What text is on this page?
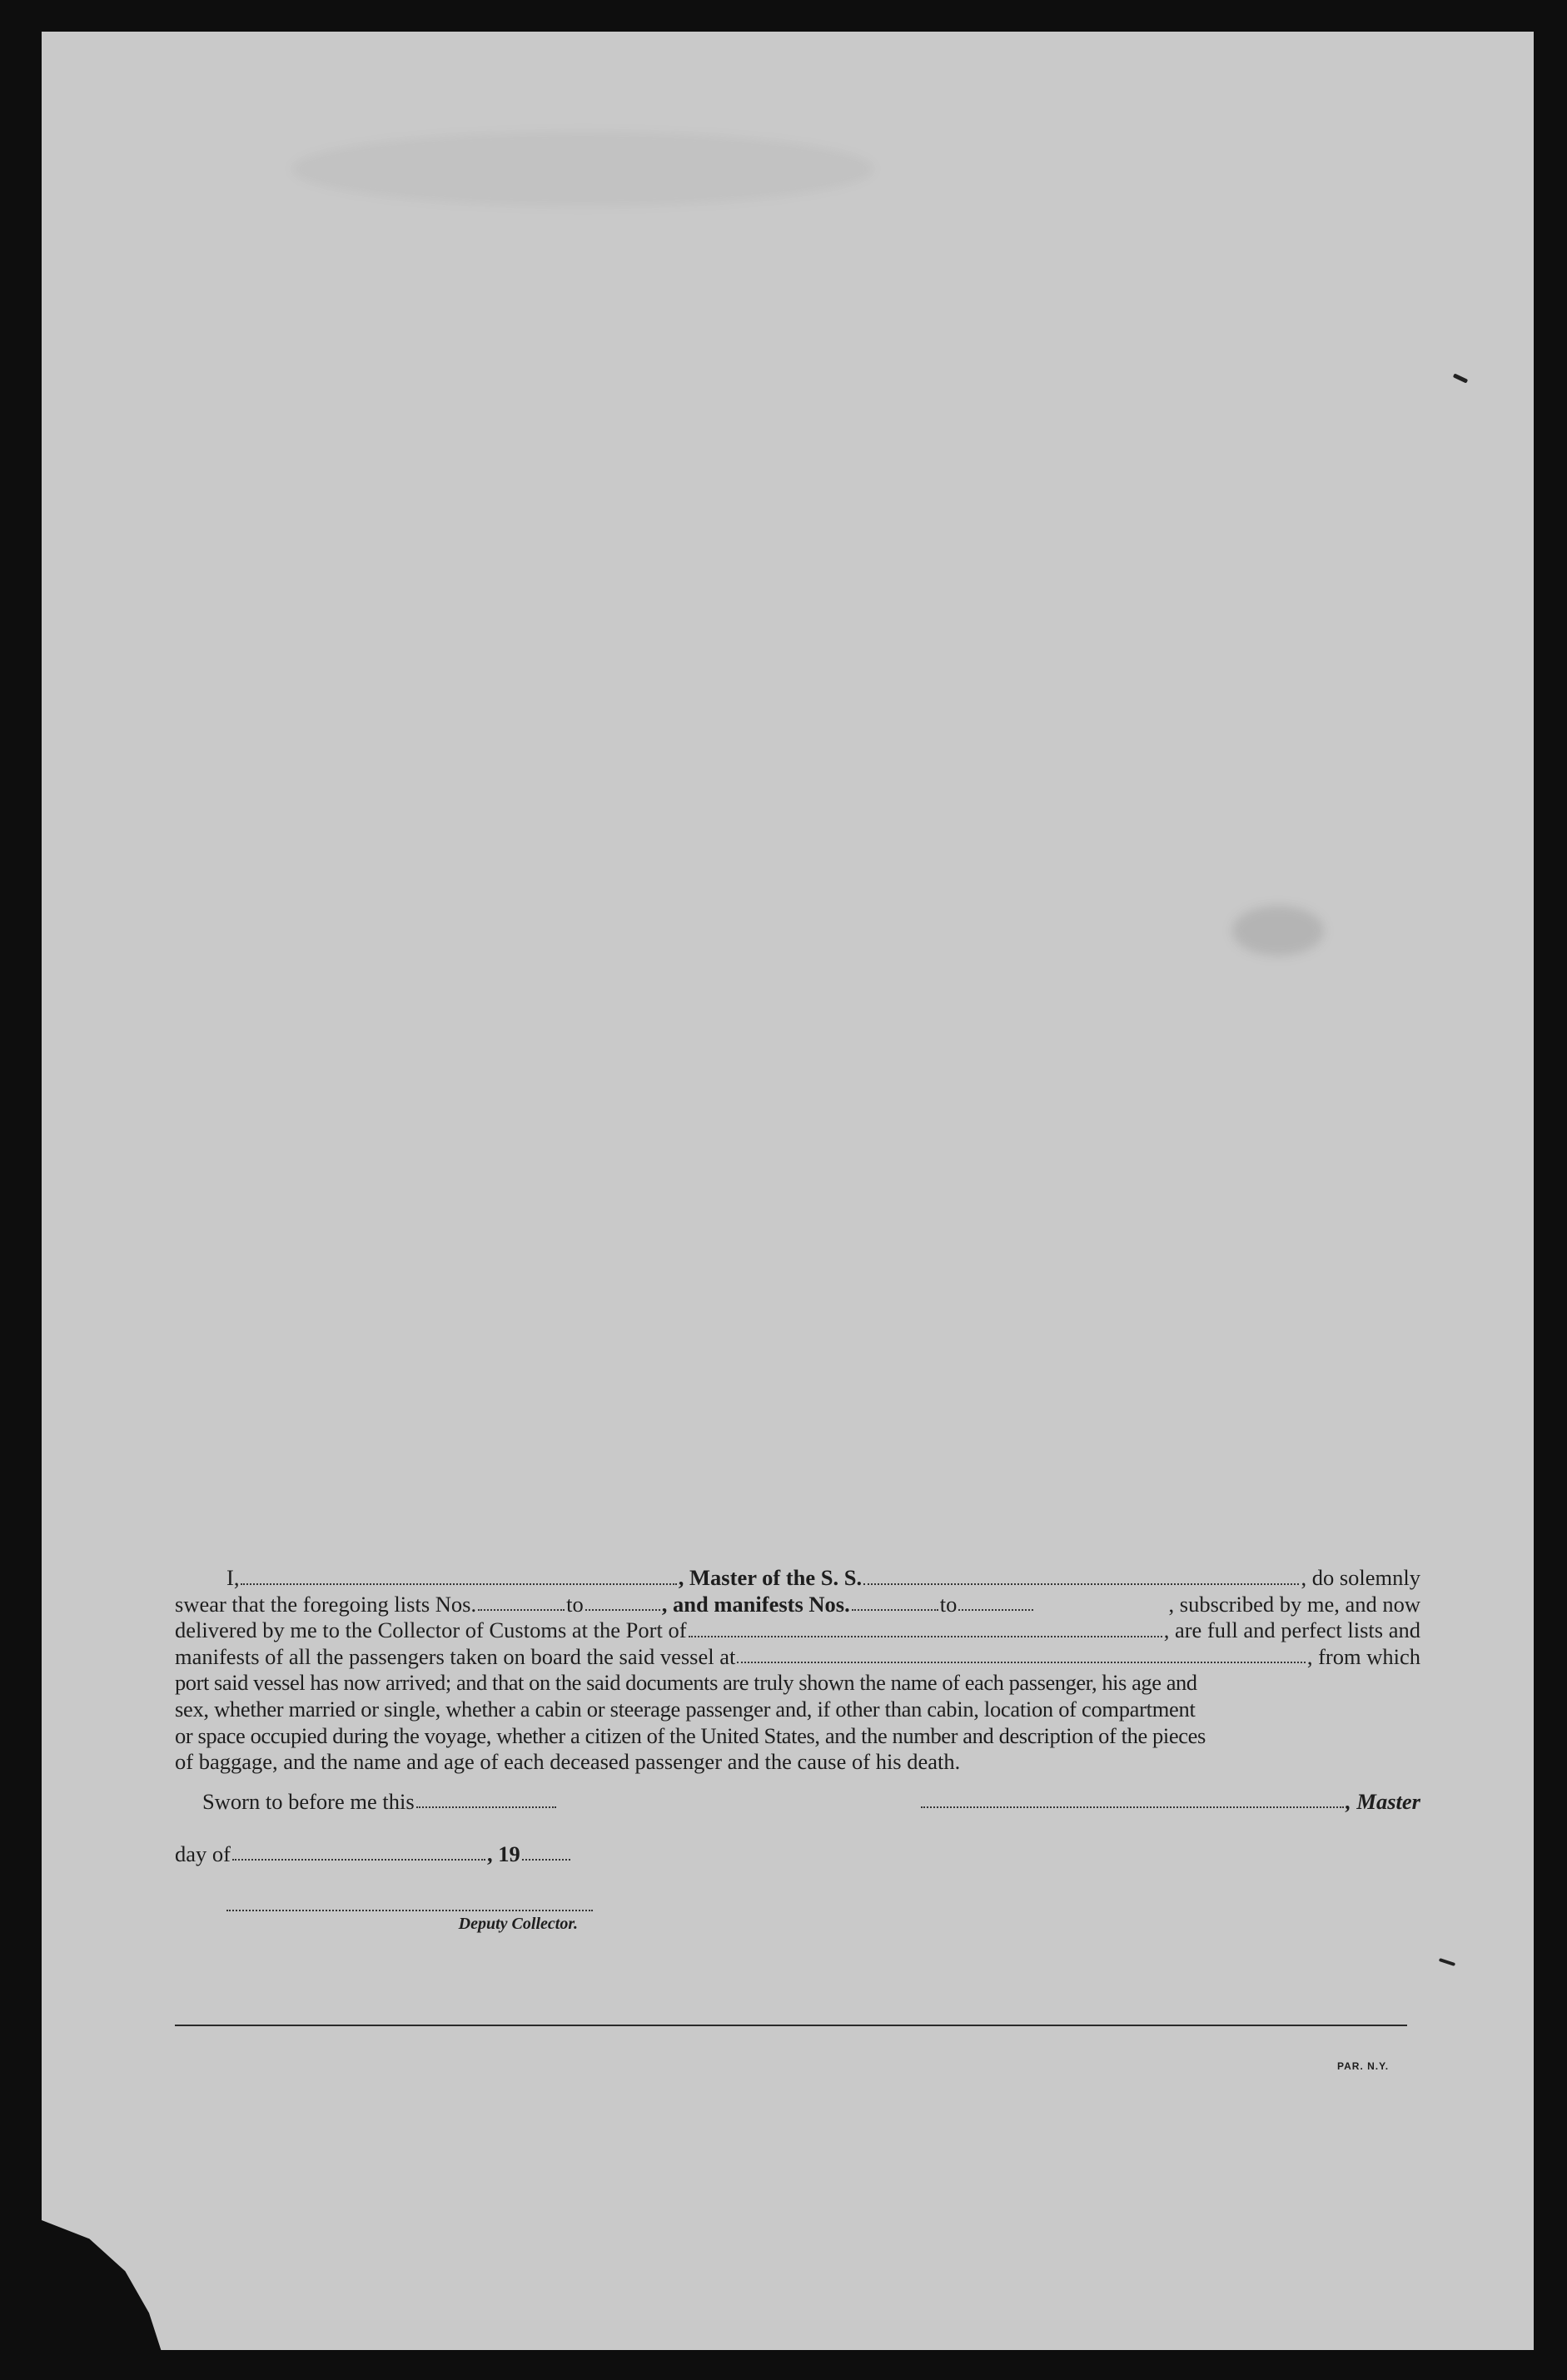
I,	, Master of the S. S.	, do solemnly
swear that the foregoing lists Nos.	to	, and manifests Nos.	to	, subscribed by me, and now
delivered by me to the Collector of Customs at the Port of	, are full and perfect lists and
manifests of all the passengers taken on board the said vessel at	, from which
port said vessel has now arrived; and that on the said documents are truly shown the name of each passenger, his age and
sex, whether married or single, whether a cabin or steerage passenger and, if other than cabin, location of compartment
or space occupied during the voyage, whether a citizen of the United States, and the number and description of the pieces
of baggage, and the name and age of each deceased passenger and the cause of his death.
Sworn to before me this	, Master
day of	, 19
Deputy Collector.
PAR. N.Y.
